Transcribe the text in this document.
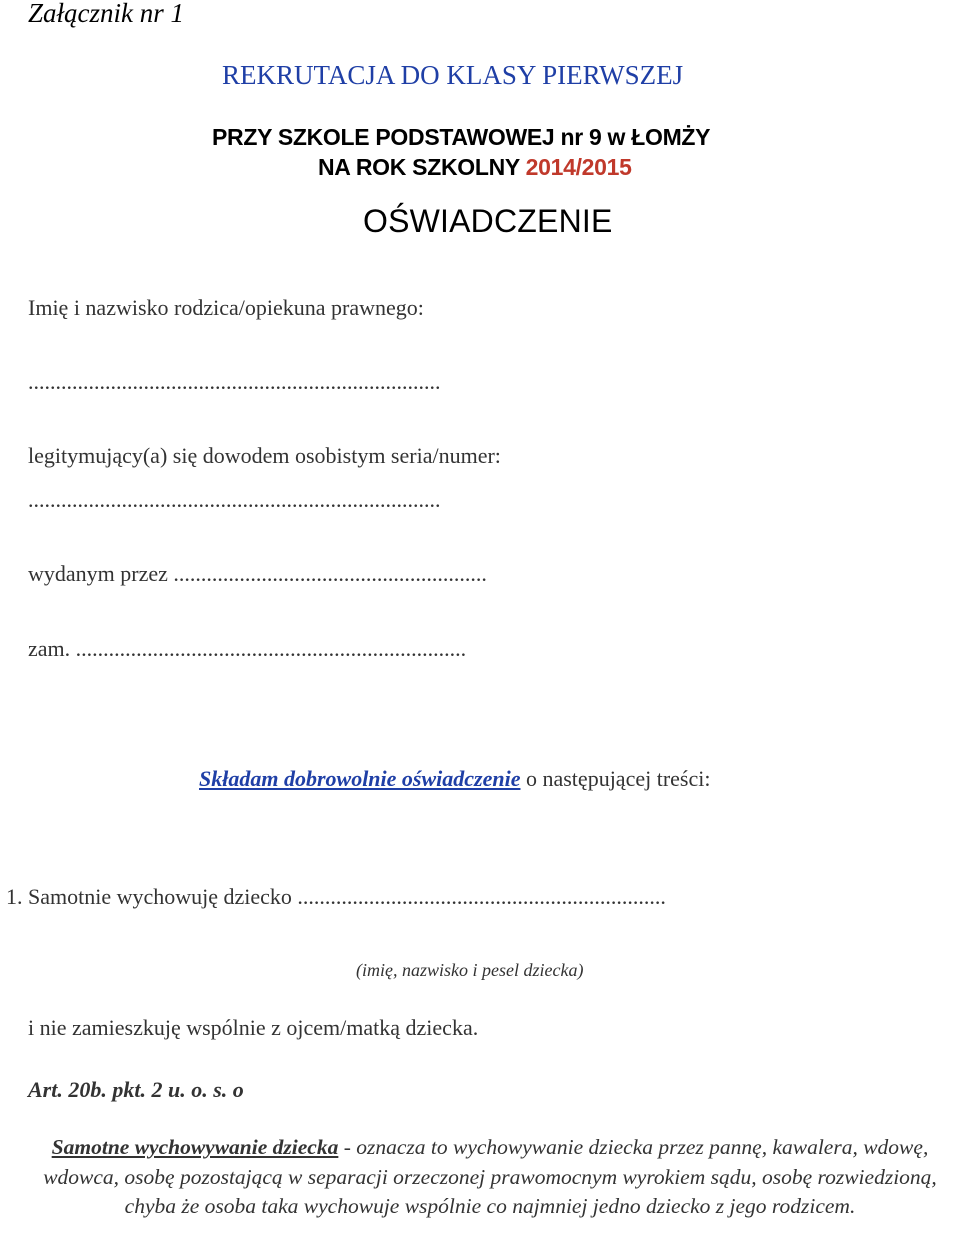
Załącznik nr 1
REKRUTACJA DO KLASY PIERWSZEJ
PRZY SZKOLE PODSTAWOWEJ nr 9 w ŁOMŻY
NA ROK SZKOLNY 2014/2015
OŚWIADCZENIE
Imię i nazwisko rodzica/opiekuna prawnego:
...........................................................................
legitymujący(a) się dowodem osobistym seria/numer:
...........................................................................
wydanym przez .........................................................
zam. .......................................................................
Składam dobrowolnie oświadczenie o następującej treści:
1. Samotnie wychowuję dziecko ...................................................................
(imię, nazwisko i pesel dziecka)
i nie zamieszkuję wspólnie z ojcem/matką dziecka.
Art. 20b. pkt. 2 u. o. s. o
Samotne wychowywanie dziecka - oznacza to wychowywanie dziecka przez pannę, kawalera, wdowę, wdowca, osobę pozostającą w separacji orzeczonej prawomocnym wyrokiem sądu, osobę rozwiedzioną, chyba że osoba taka wychowuje wspólnie co najmniej jedno dziecko z jego rodzicem.
